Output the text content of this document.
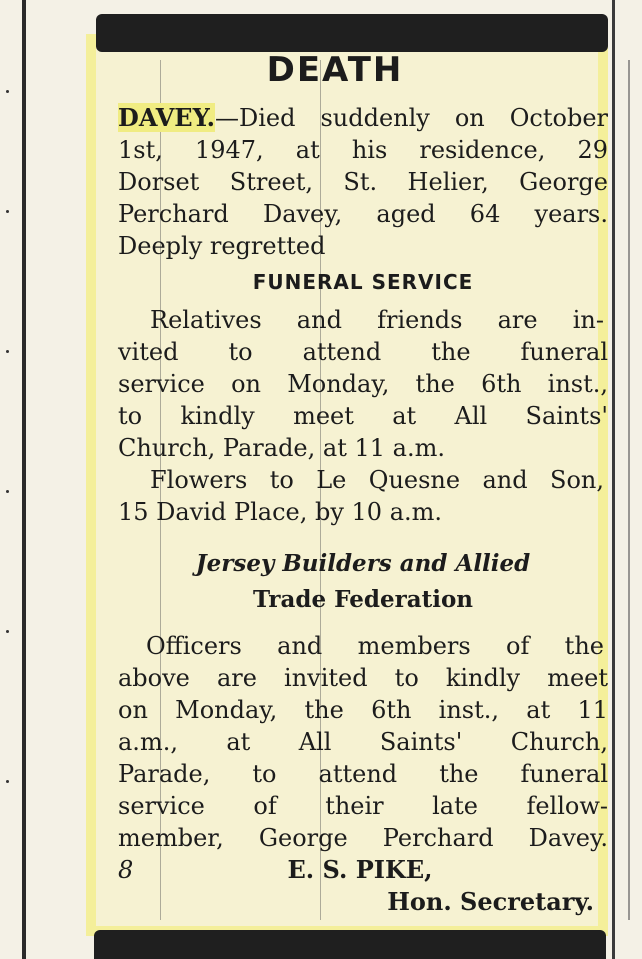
DEATH
DAVEY.—Died suddenly on October
1st, 1947, at his residence, 29
Dorset Street, St. Helier, George
Perchard Davey, aged 64 years.
Deeply regretted
FUNERAL SERVICE
Relatives and friends are in-
vited to attend the funeral
service on Monday, the 6th inst.,
to kindly meet at All Saints'
Church, Parade, at 11 a.m.
Flowers to Le Quesne and Son,
15 David Place, by 10 a.m.
Jersey Builders and Allied
Trade Federation
Officers and members of the
above are invited to kindly meet
on Monday, the 6th inst., at 11
a.m., at All Saints' Church,
Parade, to attend the funeral
service of their late fellow-
member, George Perchard Davey.
8	E. S. PIKE,
Hon. Secretary.
